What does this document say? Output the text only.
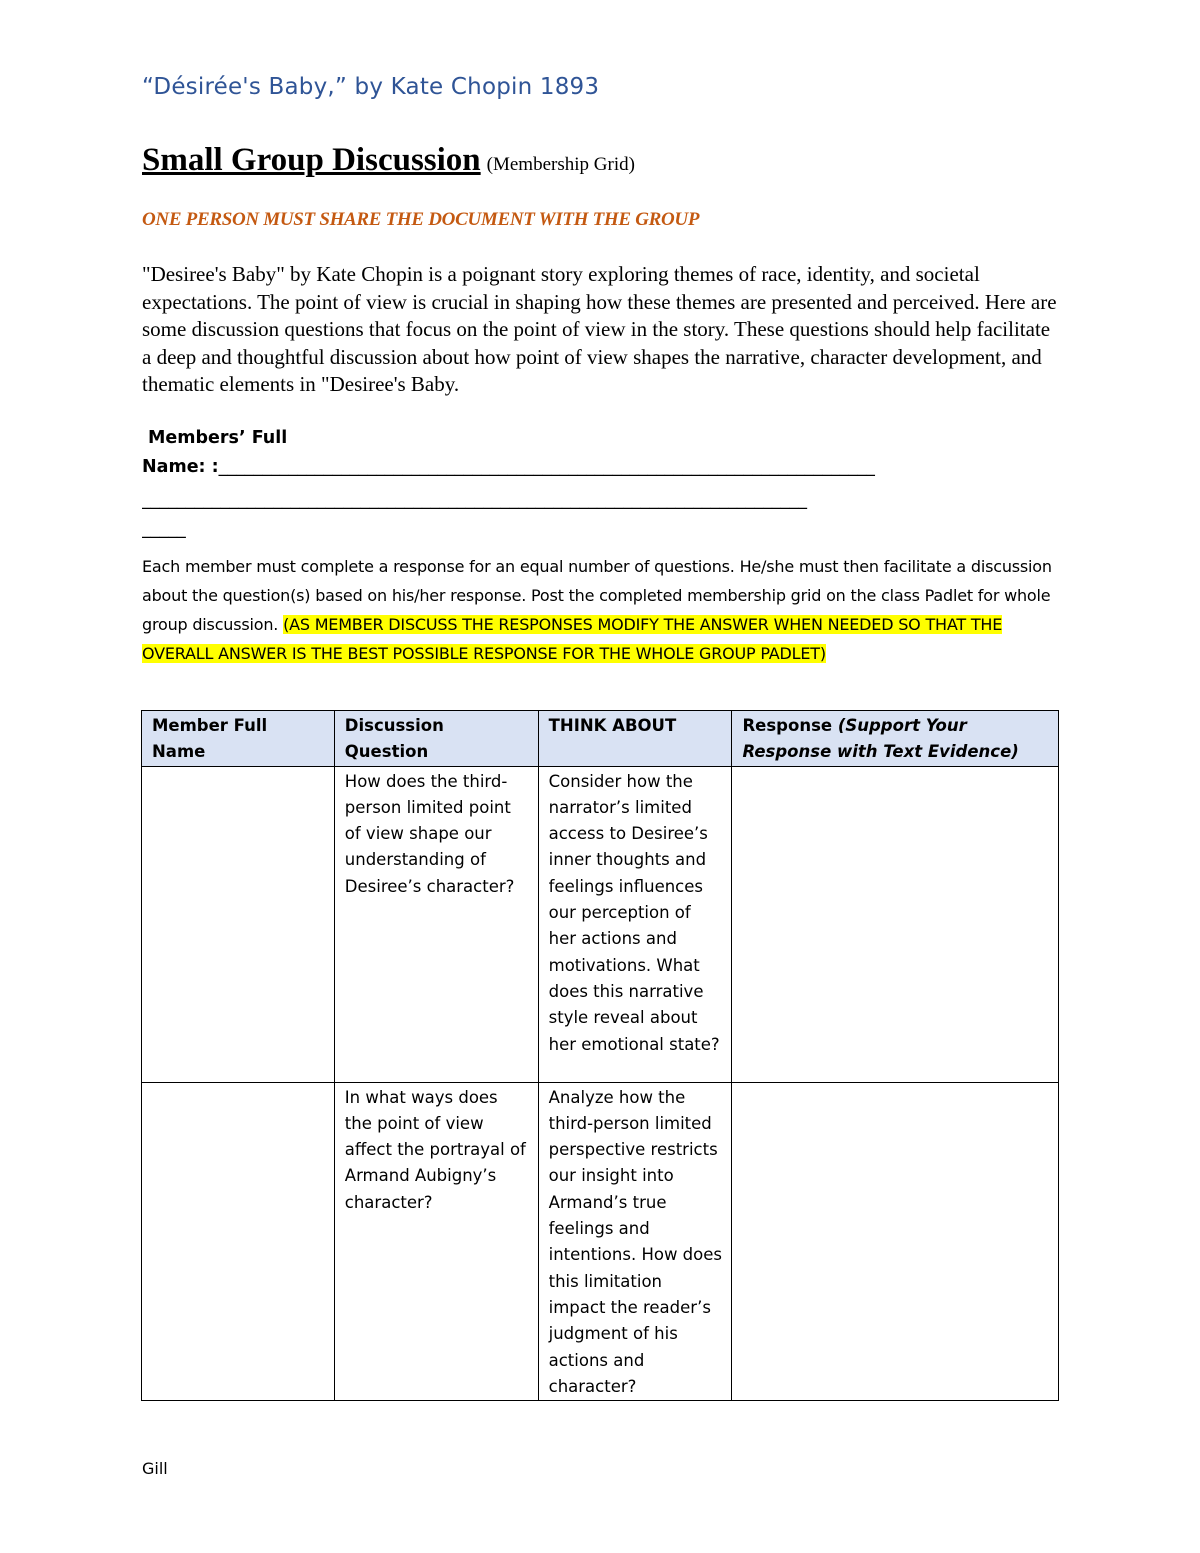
“Désirée's Baby,” by Kate Chopin 1893
Small Group Discussion (Membership Grid)
ONE PERSON MUST SHARE THE DOCUMENT WITH THE GROUP
"Desiree's Baby" by Kate Chopin is a poignant story exploring themes of race, identity, and societal expectations. The point of view is crucial in shaping how these themes are presented and perceived. Here are some discussion questions that focus on the point of view in the story. These questions should help facilitate a deep and thoughtful discussion about how point of view shapes the narrative, character development, and thematic elements in "Desiree's Baby.
Members’ Full
Name: :___________________________________________________________________________
____________________________________________________________________________
_____
Each member must complete a response for an equal number of questions. He/she must then facilitate a discussion about the question(s) based on his/her response. Post the completed membership grid on the class Padlet for whole group discussion. (AS MEMBER DISCUSS THE RESPONSES MODIFY THE ANSWER WHEN NEEDED SO THAT THE OVERALL ANSWER IS THE BEST POSSIBLE RESPONSE FOR THE WHOLE GROUP PADLET)
Member Full Name	Discussion Question	THINK ABOUT	Response (Support Your Response with Text Evidence)
	How does the third-person limited point of view shape our understanding of Desiree’s character?	Consider how the narrator’s limited access to Desiree’s inner thoughts and feelings influences our perception of her actions and motivations. What does this narrative style reveal about her emotional state?	
	In what ways does the point of view affect the portrayal of Armand Aubigny’s character?	Analyze how the third-person limited perspective restricts our insight into Armand’s true feelings and intentions. How does this limitation impact the reader’s judgment of his actions and character?	
Gill
